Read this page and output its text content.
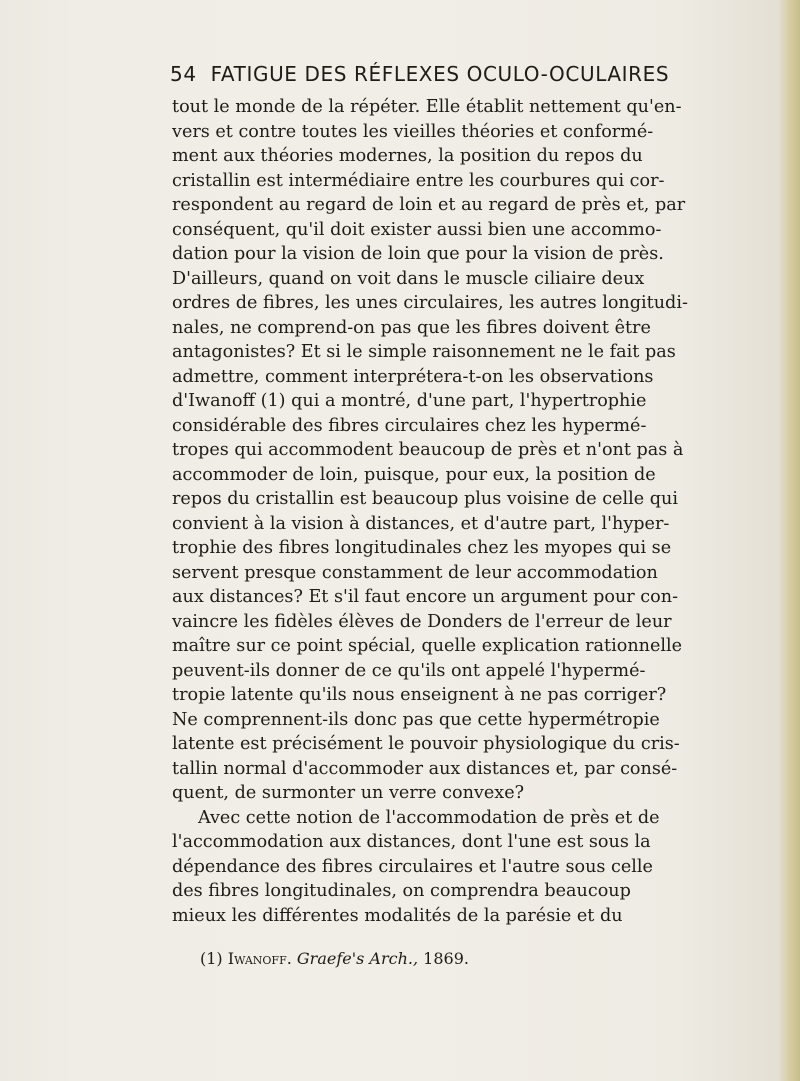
54 FATIGUE DES RÉFLEXES OCULO-OCULAIRES

tout le monde de la répéter. Elle établit nettement qu'en-
vers et contre toutes les vieilles théories et conformé-
ment aux théories modernes, la position du repos du
cristallin est intermédiaire entre les courbures qui cor-
respondent au regard de loin et au regard de près et, par
conséquent, qu'il doit exister aussi bien une accommo-
dation pour la vision de loin que pour la vision de près.
D'ailleurs, quand on voit dans le muscle ciliaire deux
ordres de fibres, les unes circulaires, les autres longitudi-
nales, ne comprend-on pas que les fibres doivent être
antagonistes? Et si le simple raisonnement ne le fait pas
admettre, comment interprétera-t-on les observations
d'Iwanoff (1) qui a montré, d'une part, l'hypertrophie
considérable des fibres circulaires chez les hypermé-
tropes qui accommodent beaucoup de près et n'ont pas à
accommoder de loin, puisque, pour eux, la position de
repos du cristallin est beaucoup plus voisine de celle qui
convient à la vision à distances, et d'autre part, l'hyper-
trophie des fibres longitudinales chez les myopes qui se
servent presque constamment de leur accommodation
aux distances? Et s'il faut encore un argument pour con-
vaincre les fidèles élèves de Donders de l'erreur de leur
maître sur ce point spécial, quelle explication rationnelle
peuvent-ils donner de ce qu'ils ont appelé l'hypermé-
tropie latente qu'ils nous enseignent à ne pas corriger?
Ne comprennent-ils donc pas que cette hypermétropie
latente est précisément le pouvoir physiologique du cris-
tallin normal d'accommoder aux distances et, par consé-
quent, de surmonter un verre convexe?

Avec cette notion de l'accommodation de près et de
l'accommodation aux distances, dont l'une est sous la
dépendance des fibres circulaires et l'autre sous celle
des fibres longitudinales, on comprendra beaucoup
mieux les différentes modalités de la parésie et du

(1) Iwanoff. Graefe's Arch., 1869.
